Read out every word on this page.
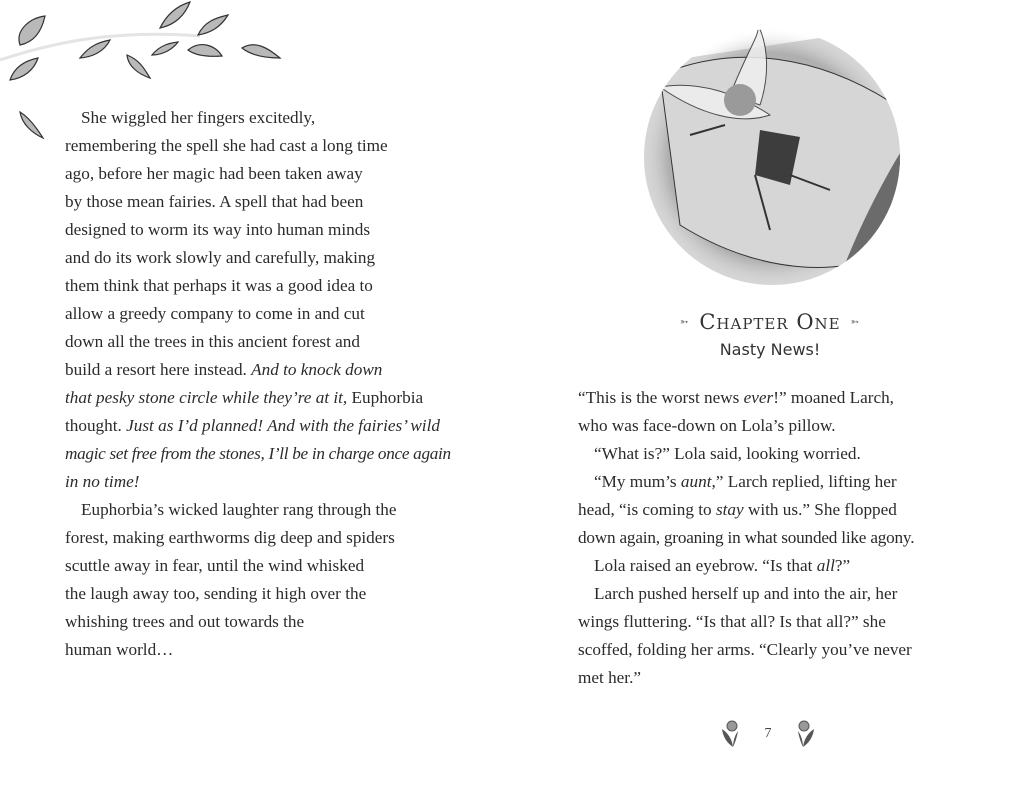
She wiggled her fingers excitedly,
remembering the spell she had cast a long time
ago, before her magic had been taken away
by those mean fairies. A spell that had been
designed to worm its way into human minds
and do its work slowly and carefully, making
them think that perhaps it was a good idea to
allow a greedy company to come in and cut
down all the trees in this ancient forest and
build a resort here instead. And to knock down
that pesky stone circle while they’re at it, Euphorbia
thought. Just as I’d planned! And with the fairies’ wild
magic set free from the stones, I’ll be in charge once again
in no time!
Euphorbia’s wicked laughter rang through the
forest, making earthworms dig deep and spiders
scuttle away in fear, until the wind whisked
the laugh away too, sending it high over the
whishing trees and out towards the
human world…
➳ Chapter One ➳
Nasty News!
“This is the worst news ever!” moaned Larch,
who was face-down on Lola’s pillow.
“What is?” Lola said, looking worried.
“My mum’s aunt,” Larch replied, lifting her
head, “is coming to stay with us.” She flopped
down again, groaning in what sounded like agony.
Lola raised an eyebrow. “Is that all?”
Larch pushed herself up and into the air, her
wings fluttering. “Is that all? Is that all?” she
scoffed, folding her arms. “Clearly you’ve never
met her.”
7
